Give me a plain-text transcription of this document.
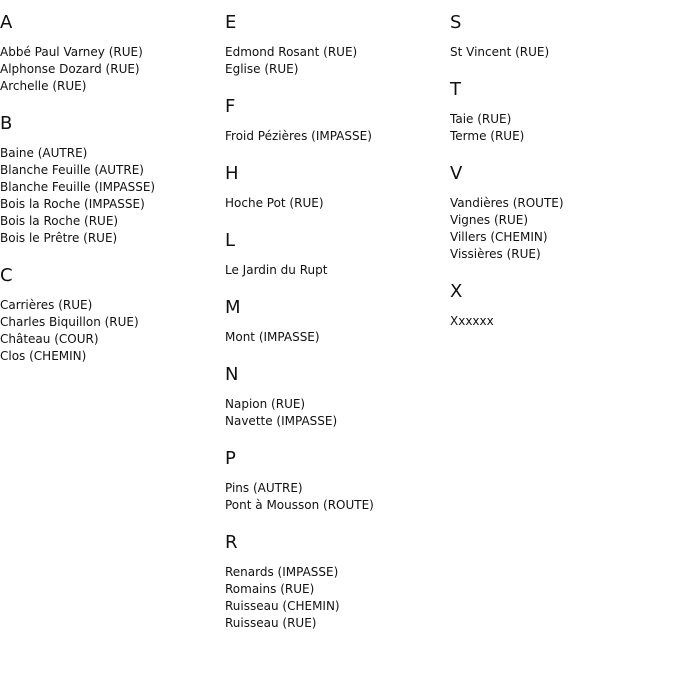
A
Abbé Paul Varney (RUE)
Alphonse Dozard (RUE)
Archelle (RUE)
B
Baine (AUTRE)
Blanche Feuille (AUTRE)
Blanche Feuille (IMPASSE)
Bois la Roche (IMPASSE)
Bois la Roche (RUE)
Bois le Prêtre (RUE)
C
Carrières (RUE)
Charles Biquillon (RUE)
Château (COUR)
Clos (CHEMIN)
E
Edmond Rosant (RUE)
Eglise (RUE)
F
Froid Pézières (IMPASSE)
H
Hoche Pot (RUE)
L
Le Jardin du Rupt
M
Mont (IMPASSE)
N
Napion (RUE)
Navette (IMPASSE)
P
Pins (AUTRE)
Pont à Mousson (ROUTE)
R
Renards (IMPASSE)
Romains (RUE)
Ruisseau (CHEMIN)
Ruisseau (RUE)
S
St Vincent (RUE)
T
Taie (RUE)
Terme (RUE)
V
Vandières (ROUTE)
Vignes (RUE)
Villers (CHEMIN)
Vissières (RUE)
X
Xxxxxx
